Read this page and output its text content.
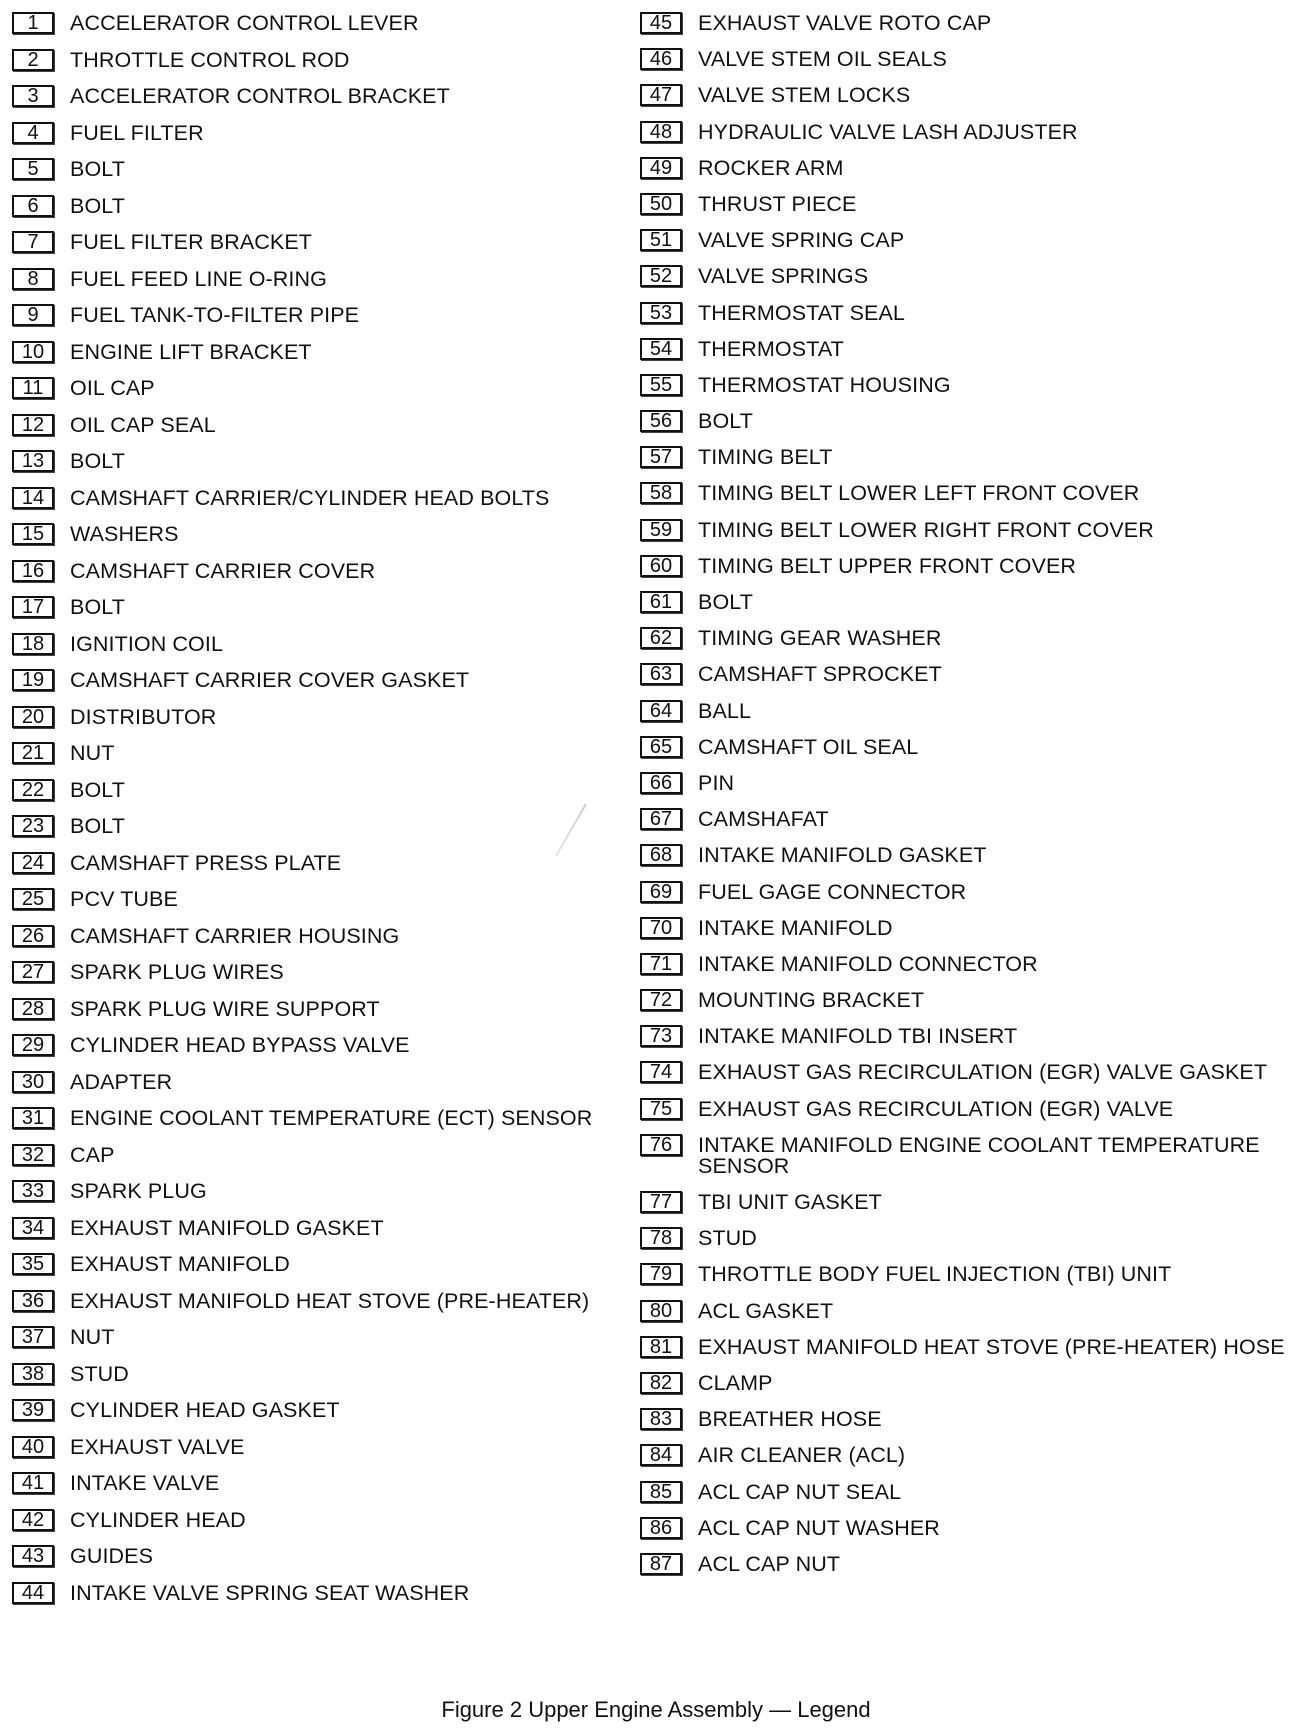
1	ACCELERATOR CONTROL LEVER
2	THROTTLE CONTROL ROD
3	ACCELERATOR CONTROL BRACKET
4	FUEL FILTER
5	BOLT
6	BOLT
7	FUEL FILTER BRACKET
8	FUEL FEED LINE O-RING
9	FUEL TANK-TO-FILTER PIPE
10	ENGINE LIFT BRACKET
11	OIL CAP
12	OIL CAP SEAL
13	BOLT
14	CAMSHAFT CARRIER/CYLINDER HEAD BOLTS
15	WASHERS
16	CAMSHAFT CARRIER COVER
17	BOLT
18	IGNITION COIL
19	CAMSHAFT CARRIER COVER GASKET
20	DISTRIBUTOR
21	NUT
22	BOLT
23	BOLT
24	CAMSHAFT PRESS PLATE
25	PCV TUBE
26	CAMSHAFT CARRIER HOUSING
27	SPARK PLUG WIRES
28	SPARK PLUG WIRE SUPPORT
29	CYLINDER HEAD BYPASS VALVE
30	ADAPTER
31	ENGINE COOLANT TEMPERATURE (ECT) SENSOR
32	CAP
33	SPARK PLUG
34	EXHAUST MANIFOLD GASKET
35	EXHAUST MANIFOLD
36	EXHAUST MANIFOLD HEAT STOVE (PRE-HEATER)
37	NUT
38	STUD
39	CYLINDER HEAD GASKET
40	EXHAUST VALVE
41	INTAKE VALVE
42	CYLINDER HEAD
43	GUIDES
44	INTAKE VALVE SPRING SEAT WASHER
45	EXHAUST VALVE ROTO CAP
46	VALVE STEM OIL SEALS
47	VALVE STEM LOCKS
48	HYDRAULIC VALVE LASH ADJUSTER
49	ROCKER ARM
50	THRUST PIECE
51	VALVE SPRING CAP
52	VALVE SPRINGS
53	THERMOSTAT SEAL
54	THERMOSTAT
55	THERMOSTAT HOUSING
56	BOLT
57	TIMING BELT
58	TIMING BELT LOWER LEFT FRONT COVER
59	TIMING BELT LOWER RIGHT FRONT COVER
60	TIMING BELT UPPER FRONT COVER
61	BOLT
62	TIMING GEAR WASHER
63	CAMSHAFT SPROCKET
64	BALL
65	CAMSHAFT OIL SEAL
66	PIN
67	CAMSHAFAT
68	INTAKE MANIFOLD GASKET
69	FUEL GAGE CONNECTOR
70	INTAKE MANIFOLD
71	INTAKE MANIFOLD CONNECTOR
72	MOUNTING BRACKET
73	INTAKE MANIFOLD TBI INSERT
74	EXHAUST GAS RECIRCULATION (EGR) VALVE GASKET
75	EXHAUST GAS RECIRCULATION (EGR) VALVE
76	INTAKE MANIFOLD ENGINE COOLANT TEMPERATURE SENSOR
77	TBI UNIT GASKET
78	STUD
79	THROTTLE BODY FUEL INJECTION (TBI) UNIT
80	ACL GASKET
81	EXHAUST MANIFOLD HEAT STOVE (PRE-HEATER) HOSE
82	CLAMP
83	BREATHER HOSE
84	AIR CLEANER (ACL)
85	ACL CAP NUT SEAL
86	ACL CAP NUT WASHER
87	ACL CAP NUT
Figure 2 Upper Engine Assembly — Legend
